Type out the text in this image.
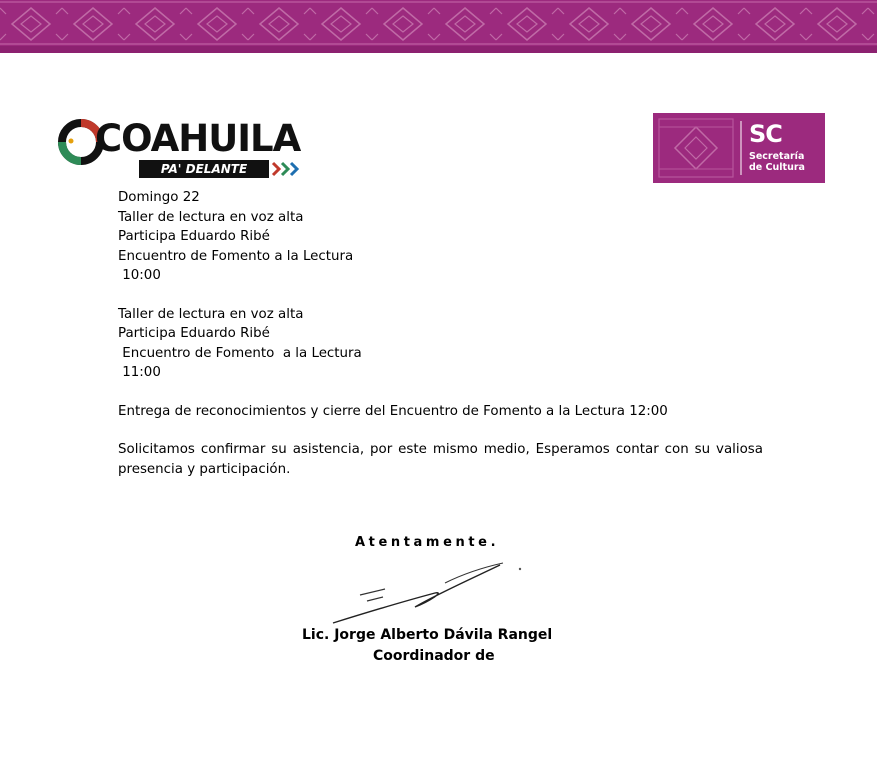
COAHUILA
PA' DELANTE
SC
Secretaría
de Cultura

Domingo 22

Taller de lectura en voz alta

Participa Eduardo Ribé

Encuentro de Fomento a la Lectura

10:00

Taller de lectura en voz alta

Participa Eduardo Ribé

Encuentro de Fomento  a la Lectura

11:00

Entrega de reconocimientos y cierre del Encuentro de Fomento a la Lectura 12:00

Solicitamos confirmar su asistencia, por este mismo medio, Esperamos contar con su valiosa presencia y participación.

Atentamente.
Lic. Jorge Alberto Dávila Rangel
Coordinador de
